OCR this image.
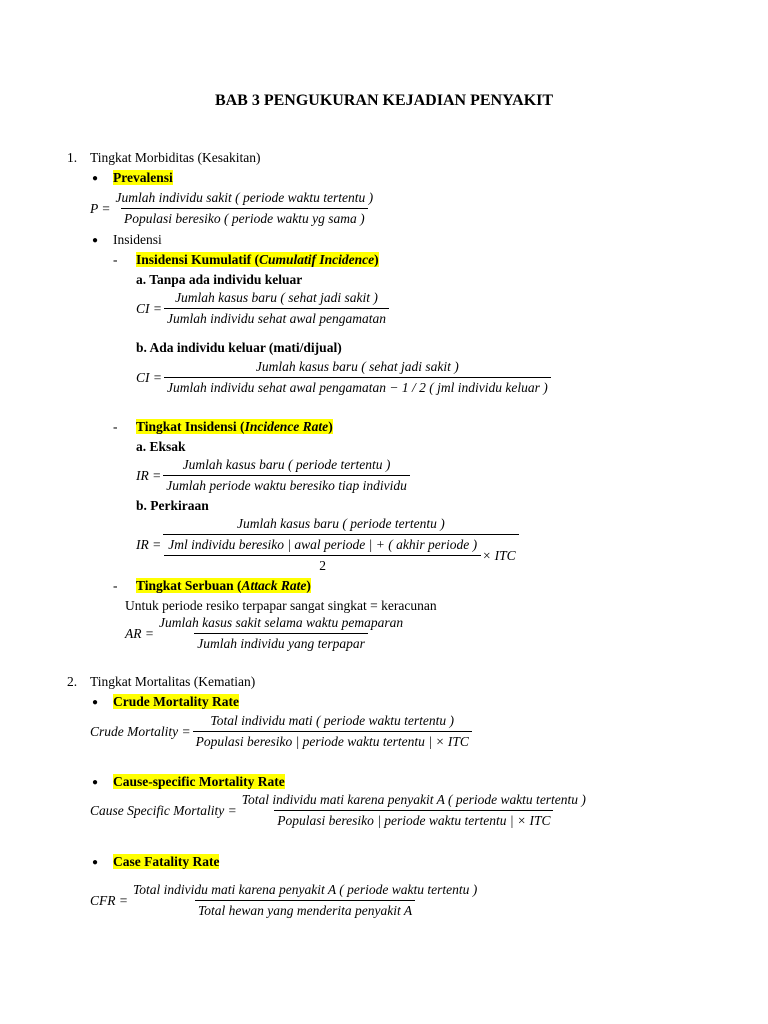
BAB 3 PENGUKURAN KEJADIAN PENYAKIT
1. Tingkat Morbiditas (Kesakitan)
● Prevalensi
$P = \frac{\text{Jumlah individu sakit ( periode waktu tertentu )}}{\text{Populasi beresiko ( periode waktu yg sama )}}$
● Insidensi
- Insidensi Kumulatif (Cumulatif Incidence)
a. Tanpa ada individu keluar
CI = $\frac{\text{Jumlah kasus baru ( sehat jadi sakit )}}{\text{Jumlah individu sehat awal pengamatan}}$
b. Ada individu keluar (mati/dijual)
CI =
Jumlah kasus baru ( sehat jadi sakit )
Jumlah individu sehat awal pengamatan − 1 / 2 ( jml individu keluar )
- Tingkat Insidensi (Incidence Rate)
a. Eksak
IR = $\frac{\text{Jumlah kasus baru ( periode tertentu )}}{\text{Jumlah periode waktu beresiko tiap individu}}$
b. Perkiraan
IR =
Jumlah kasus baru ( periode tertentu )
$\frac{\text{Jml individu beresiko | awal periode | + ( akhir periode )}}{2}$ × ITC
- Tingkat Serbuan (Attack Rate)
Untuk periode resiko terpapar sangat singkat = keracunan
AR = $\frac{\text{Jumlah kasus sakit selama waktu pemaparan}}{\text{Jumlah individu yang terpapar}}$
2. Tingkat Mortalitas (Kematian)
● Crude Mortality Rate
Crude Mortality = $\frac{\text{Total individu mati ( periode waktu tertentu )}}{\text{Populasi beresiko | periode waktu tertentu | × ITC}}$
● Cause-specific Mortality Rate
Cause Specific Mortality =
Total individu mati karena penyakit A ( periode waktu tertentu )
Populasi beresiko | periode waktu tertentu | × ITC
● Case Fatality Rate
CFR =
Total individu mati karena penyakit A ( periode waktu tertentu )
Total hewan yang menderita penyakit A
